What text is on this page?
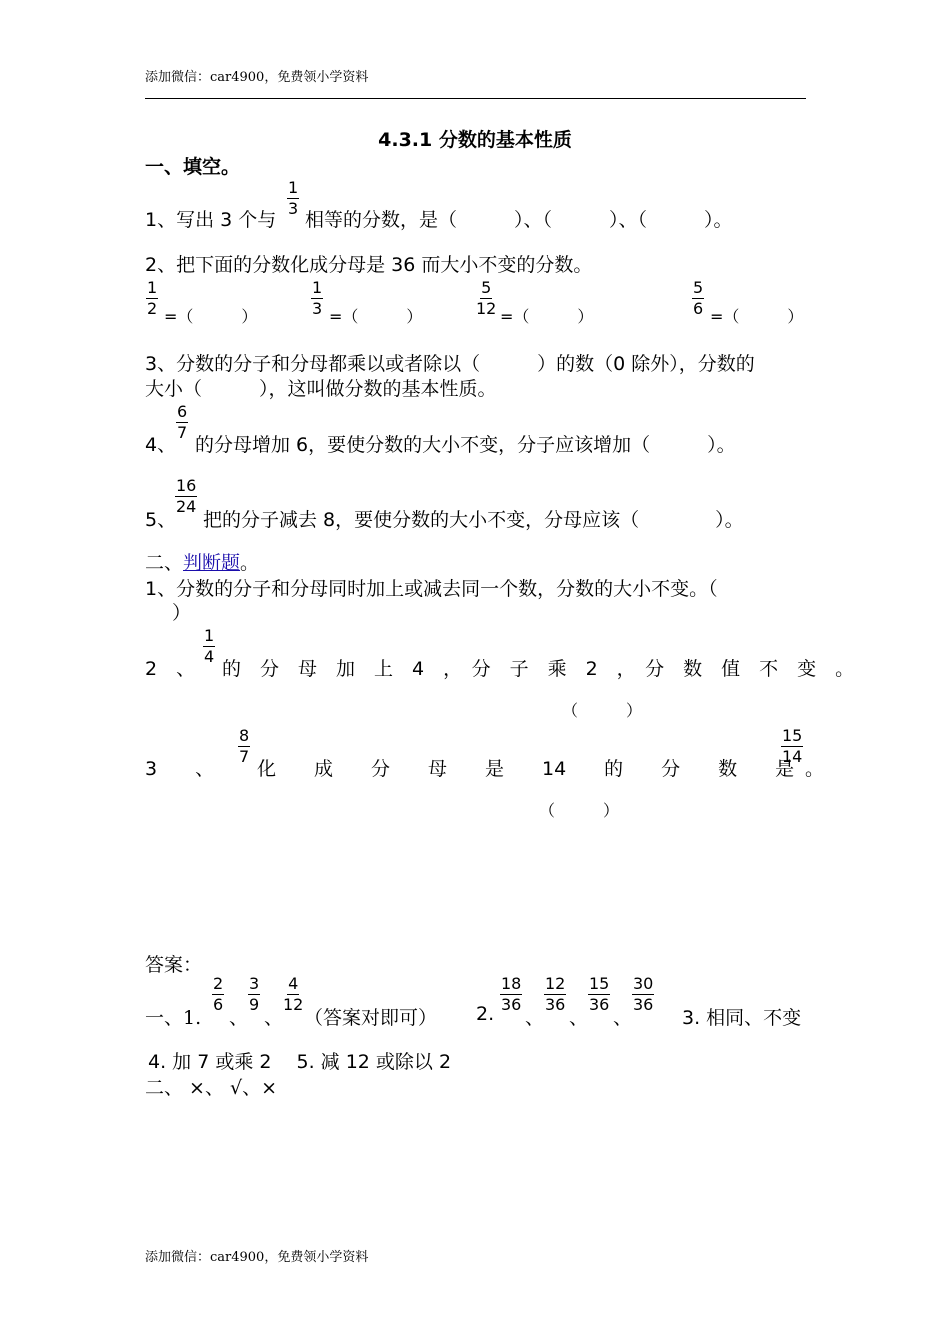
添加微信：car4900，免费领小学资料
4.3.1 分数的基本性质
一、填空。
1、写出 3 个与
$\frac{1}{3}$
相等的分数，是（　　　）、（　　　）、（　　　）。
2、把下面的分数化成分母是 36 而大小不变的分数。
$\frac{1}{2}$ =（　　　）	$\frac{1}{3}$ =（　　　）	$\frac{5}{12}$ =（　　　）	$\frac{5}{6}$ =（　　　）
3、分数的分子和分母都乘以或者除以（　　　）的数（0 除外），分数的
大小（　　　），这叫做分数的基本性质。
4、
$\frac{6}{7}$
的分母增加 6，要使分数的大小不变，分子应该增加（　　　）。
5、
$\frac{16}{24}$
把的分子减去 8，要使分数的大小不变，分母应该（　　　　）。
二、判断题。
1、分数的分子和分母同时加上或减去同一个数，分数的大小不变。（
）
2　、
$\frac{1}{4}$
的　分　母　加　上　4　，　分　子　乘　2　，　分　数　值　不　变　。
（　　　）
3　　、
$\frac{8}{7}$
化　　成　　分　　母　　是　　14　　的　　分　　数　　是
$\frac{15}{14}$
。
（　　　）
答案：
一、1.
$\frac{2}{6}$
、
$\frac{3}{9}$
、
$\frac{4}{12}$
（答案对即可） 2. $\frac{18}{36}$
、
$\frac{12}{36}$
、
$\frac{15}{36}$
、
$\frac{30}{36}$
3. 相同、不变
4. 加 7 或乘 2　 5. 减 12 或除以 2
二、 ×、 √、×
添加微信：car4900，免费领小学资料
